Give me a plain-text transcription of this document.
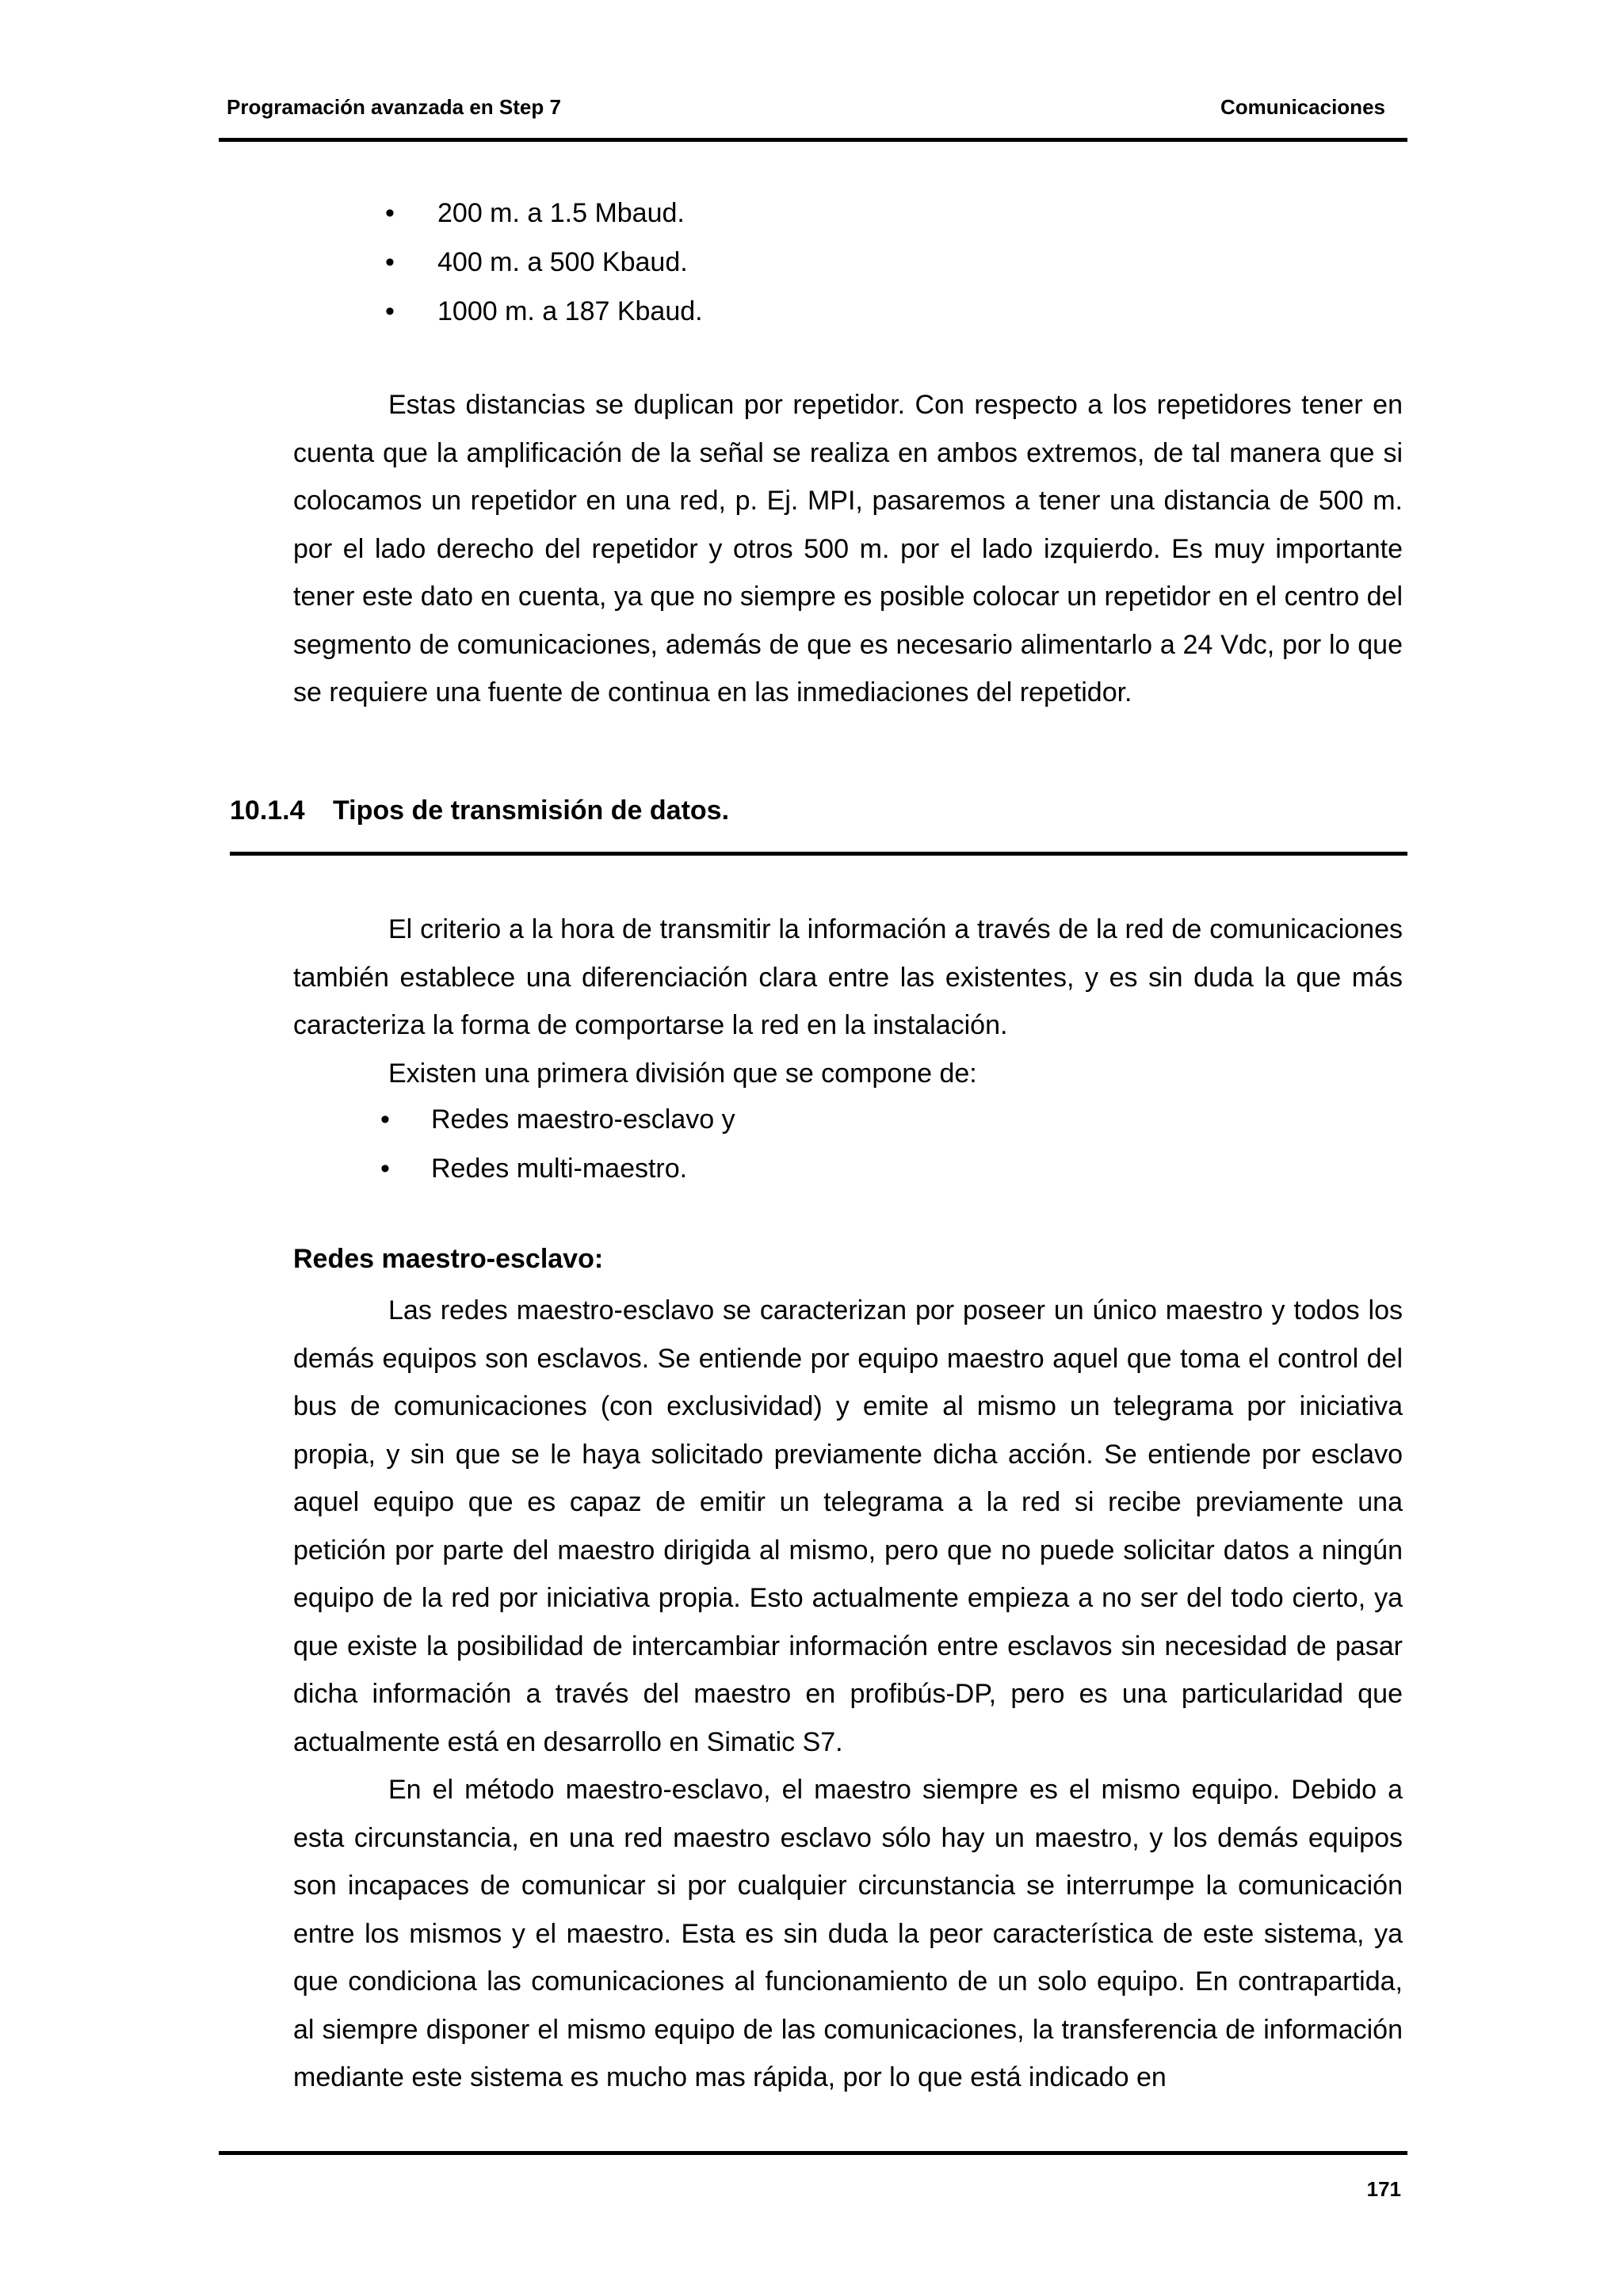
Programación avanzada en Step 7	Comunicaciones
• 200 m. a 1.5 Mbaud.
• 400 m. a 500 Kbaud.
• 1000 m. a 187 Kbaud.

Estas distancias se duplican por repetidor. Con respecto a los repetidores tener en cuenta que la amplificación de la señal se realiza en ambos extremos, de tal manera que si colocamos un repetidor en una red, p. Ej. MPI, pasaremos a tener una distancia de 500 m. por el lado derecho del repetidor y otros 500 m. por el lado izquierdo. Es muy importante tener este dato en cuenta, ya que no siempre es posible colocar un repetidor en el centro del segmento de comunicaciones, además de que es necesario alimentarlo a 24 Vdc, por lo que se requiere una fuente de continua en las inmediaciones del repetidor.

10.1.4 Tipos de transmisión de datos.

El criterio a la hora de transmitir la información a través de la red de comunicaciones también establece una diferenciación clara entre las existentes, y es sin duda la que más caracteriza la forma de comportarse la red en la instalación.

Existen una primera división que se compone de:

• Redes maestro-esclavo y
• Redes multi-maestro.
Redes maestro-esclavo:

Las redes maestro-esclavo se caracterizan por poseer un único maestro y todos los demás equipos son esclavos. Se entiende por equipo maestro aquel que toma el control del bus de comunicaciones (con exclusividad) y emite al mismo un telegrama por iniciativa propia, y sin que se le haya solicitado previamente dicha acción. Se entiende por esclavo aquel equipo que es capaz de emitir un telegrama a la red si recibe previamente una petición por parte del maestro dirigida al mismo, pero que no puede solicitar datos a ningún equipo de la red por iniciativa propia. Esto actualmente empieza a no ser del todo cierto, ya que existe la posibilidad de intercambiar información entre esclavos sin necesidad de pasar dicha información a través del maestro en profibús-DP, pero es una particularidad que actualmente está en desarrollo en Simatic S7.

En el método maestro-esclavo, el maestro siempre es el mismo equipo. Debido a esta circunstancia, en una red maestro esclavo sólo hay un maestro, y los demás equipos son incapaces de comunicar si por cualquier circunstancia se interrumpe la comunicación entre los mismos y el maestro. Esta es sin duda la peor característica de este sistema, ya que condiciona las comunicaciones al funcionamiento de un solo equipo. En contrapartida, al siempre disponer el mismo equipo de las comunicaciones, la transferencia de información mediante este sistema es mucho mas rápida, por lo que está indicado en

171
